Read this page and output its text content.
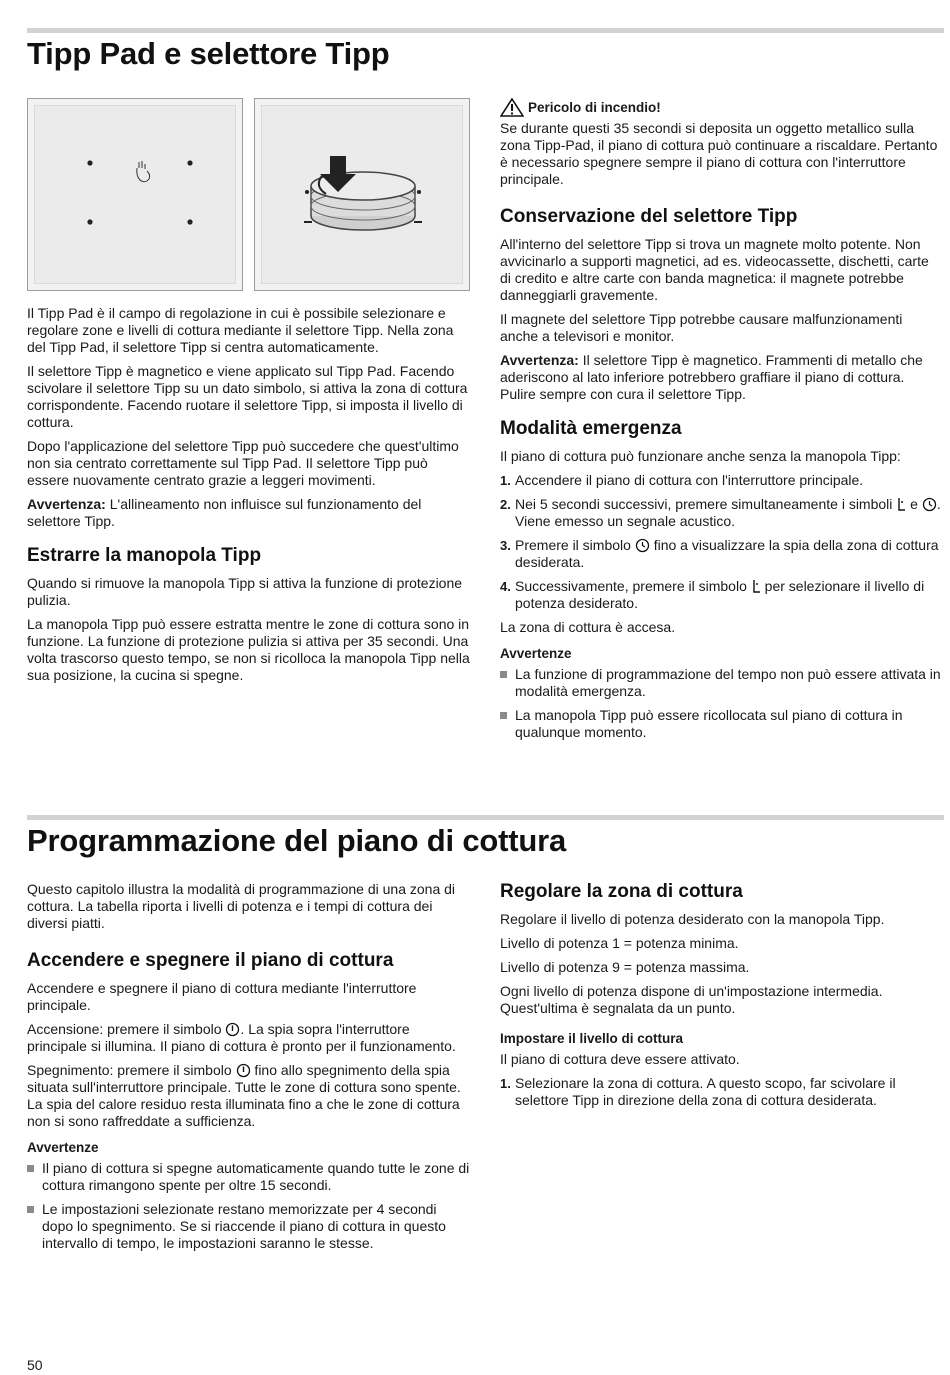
Tipp Pad e selettore Tipp

Il Tipp Pad è il campo di regolazione in cui è possibile selezionare e regolare zone e livelli di cottura mediante il selettore Tipp. Nella zona del Tipp Pad, il selettore Tipp si centra automaticamente.

Il selettore Tipp è magnetico e viene applicato sul Tipp Pad. Facendo scivolare il selettore Tipp su un dato simbolo, si attiva la zona di cottura corrispondente. Facendo ruotare il selettore Tipp, si imposta il livello di cottura.

Dopo l'applicazione del selettore Tipp può succedere che quest'ultimo non sia centrato correttamente sul Tipp Pad. Il selettore Tipp può essere nuovamente centrato grazie a leggeri movimenti.

Avvertenza: L'allineamento non influisce sul funzionamento del selettore Tipp.

Estrarre la manopola Tipp

Quando si rimuove la manopola Tipp si attiva la funzione di protezione pulizia.

La manopola Tipp può essere estratta mentre le zone di cottura sono in funzione. La funzione di protezione pulizia si attiva per 35 secondi. Una volta trascorso questo tempo, se non si ricolloca la manopola Tipp nella sua posizione, la cucina si spegne.

Pericolo di incendio!

Se durante questi 35 secondi si deposita un oggetto metallico sulla zona Tipp-Pad, il piano di cottura può continuare a riscaldare. Pertanto è necessario spegnere sempre il piano di cottura con l'interruttore principale.

Conservazione del selettore Tipp

All'interno del selettore Tipp si trova un magnete molto potente. Non avvicinarlo a supporti magnetici, ad es. videocassette, dischetti, carte di credito e altre carte con banda magnetica: il magnete potrebbe danneggiarli gravemente.

Il magnete del selettore Tipp potrebbe causare malfunzionamenti anche a televisori e monitor.

Avvertenza: Il selettore Tipp è magnetico. Frammenti di metallo che aderiscono al lato inferiore potrebbero graffiare il piano di cottura. Pulire sempre con cura il selettore Tipp.

Modalità emergenza

Il piano di cottura può funzionare anche senza la manopola Tipp:

1. Accendere il piano di cottura con l'interruttore principale.
2. Nei 5 secondi successivi, premere simultaneamente i simboli  e . Viene emesso un segnale acustico.
3. Premere il simbolo  fino a visualizzare la spia della zona di cottura desiderata.
4. Successivamente, premere il simbolo  per selezionare il livello di potenza desiderato.

La zona di cottura è accesa.

Avvertenze
La funzione di programmazione del tempo non può essere attivata in modalità emergenza.
La manopola Tipp può essere ricollocata sul piano di cottura in qualunque momento.
Programmazione del piano di cottura

Questo capitolo illustra la modalità di programmazione di una zona di cottura. La tabella riporta i livelli di potenza e i tempi di cottura dei diversi piatti.

Accendere e spegnere il piano di cottura

Accendere e spegnere il piano di cottura mediante l'interruttore principale.

Accensione: premere il simbolo . La spia sopra l'interruttore principale si illumina. Il piano di cottura è pronto per il funzionamento.

Spegnimento: premere il simbolo  fino allo spegnimento della spia situata sull'interruttore principale. Tutte le zone di cottura sono spente. La spia del calore residuo resta illuminata fino a che le zone di cottura non si sono raffreddate a sufficienza.

Avvertenze
Il piano di cottura si spegne automaticamente quando tutte le zone di cottura rimangono spente per oltre 15 secondi.
Le impostazioni selezionate restano memorizzate per 4 secondi dopo lo spegnimento. Se si riaccende il piano di cottura in questo intervallo di tempo, le impostazioni saranno le stesse.
Regolare la zona di cottura

Regolare il livello di potenza desiderato con la manopola Tipp.

Livello di potenza 1 = potenza minima.

Livello di potenza 9 = potenza massima.

Ogni livello di potenza dispone di un'impostazione intermedia. Quest'ultima è segnalata da un punto.

Impostare il livello di cottura

Il piano di cottura deve essere attivato.

1. Selezionare la zona di cottura. A questo scopo, far scivolare il selettore Tipp in direzione della zona di cottura desiderata.
50
